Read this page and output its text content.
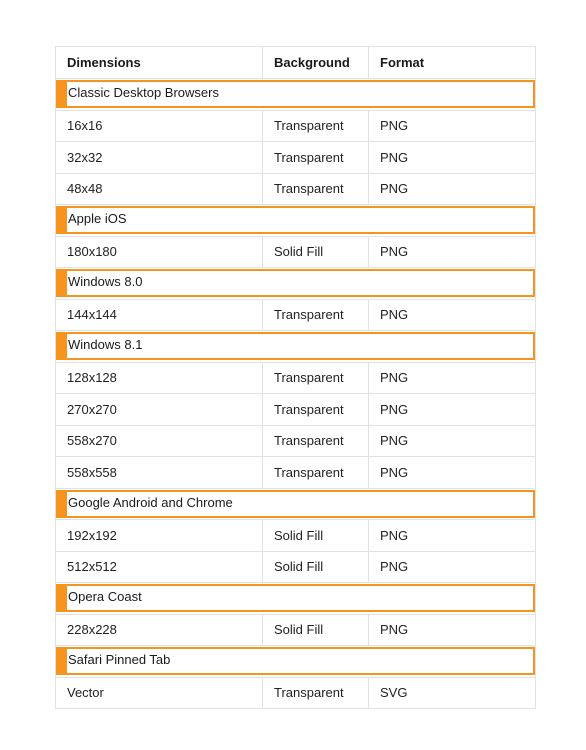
Dimensions	Background	Format

Classic Desktop Browsers		

16x16	Transparent	PNG
32x32	Transparent	PNG
48x48	Transparent	PNG

Apple iOS		

180x180	Solid Fill	PNG

Windows 8.0		

144x144	Transparent	PNG

Windows 8.1		

128x128	Transparent	PNG
270x270	Transparent	PNG
558x270	Transparent	PNG
558x558	Transparent	PNG

Google Android and Chrome		

192x192	Solid Fill	PNG
512x512	Solid Fill	PNG

Opera Coast		

228x228	Solid Fill	PNG

Safari Pinned Tab		

Vector	Transparent	SVG
